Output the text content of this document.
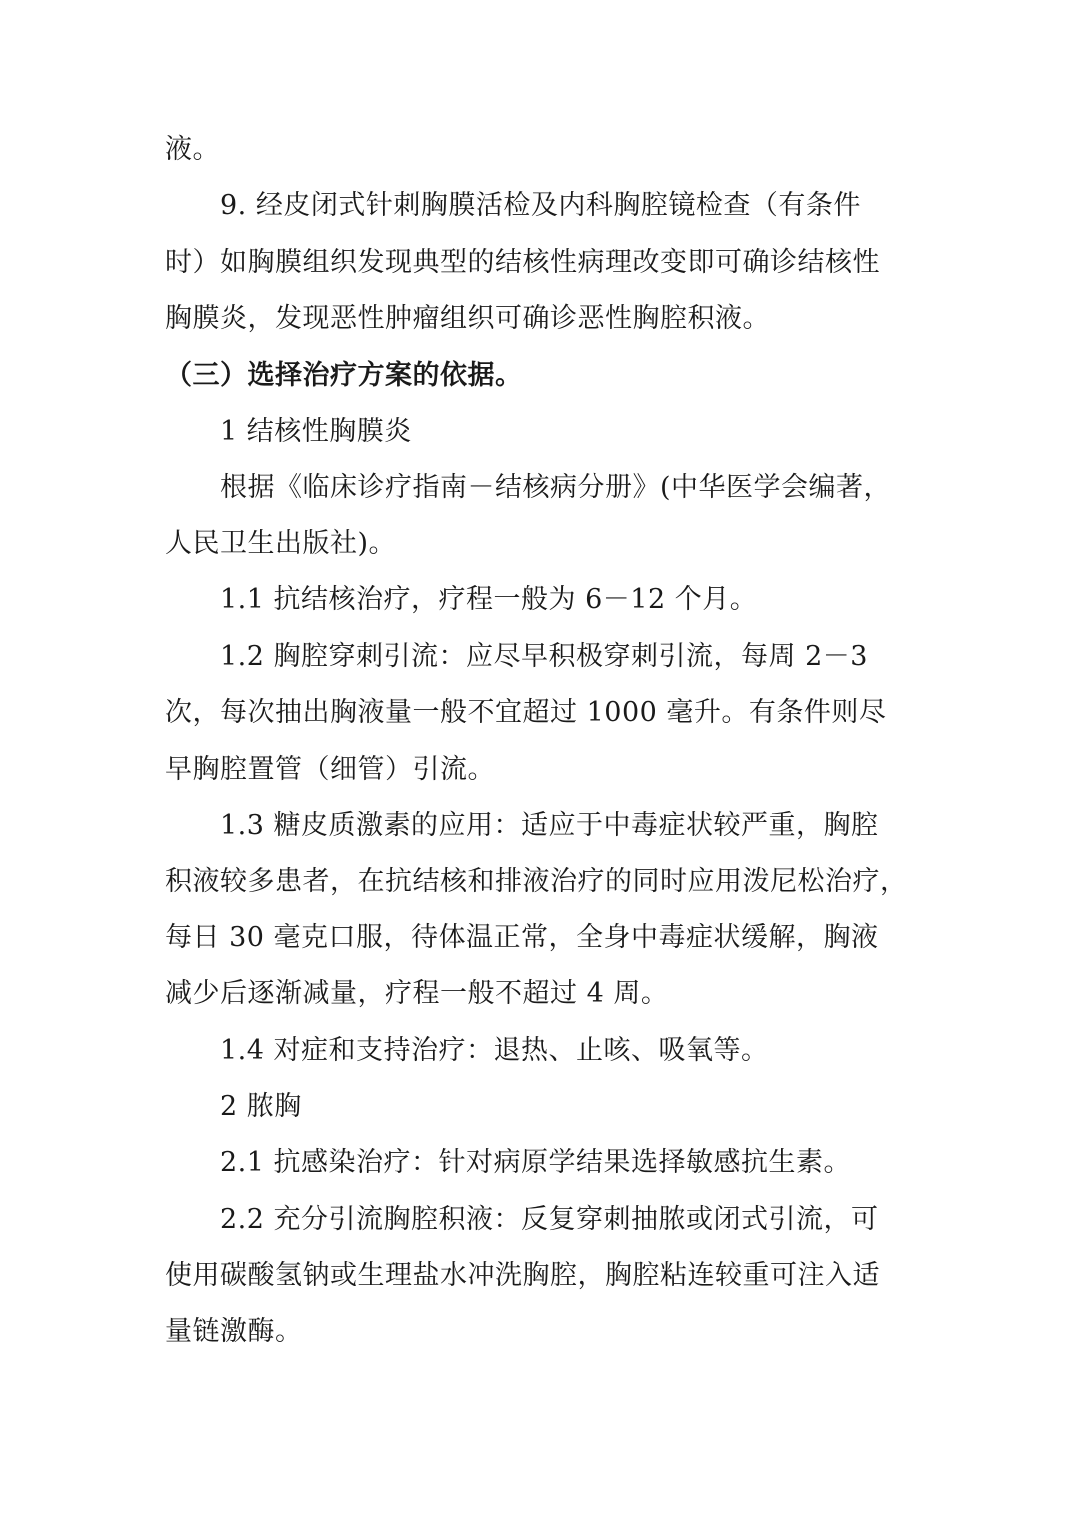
液。
9. 经皮闭式针刺胸膜活检及内科胸腔镜检查（有条件
时）如胸膜组织发现典型的结核性病理改变即可确诊结核性
胸膜炎，发现恶性肿瘤组织可确诊恶性胸腔积液。
（三）选择治疗方案的依据。
1 结核性胸膜炎
根据《临床诊疗指南－结核病分册》(中华医学会编著，
人民卫生出版社)。
1.1 抗结核治疗，疗程一般为 6－12 个月。
1.2 胸腔穿刺引流：应尽早积极穿刺引流，每周 2－3
次，每次抽出胸液量一般不宜超过 1000 毫升。有条件则尽
早胸腔置管（细管）引流。
1.3 糖皮质激素的应用：适应于中毒症状较严重，胸腔
积液较多患者，在抗结核和排液治疗的同时应用泼尼松治疗，
每日 30 毫克口服，待体温正常，全身中毒症状缓解，胸液
减少后逐渐减量，疗程一般不超过 4 周。
1.4 对症和支持治疗：退热、止咳、吸氧等。
2 脓胸
2.1 抗感染治疗：针对病原学结果选择敏感抗生素。
2.2 充分引流胸腔积液：反复穿刺抽脓或闭式引流，可
使用碳酸氢钠或生理盐水冲洗胸腔，胸腔粘连较重可注入适
量链激酶。
